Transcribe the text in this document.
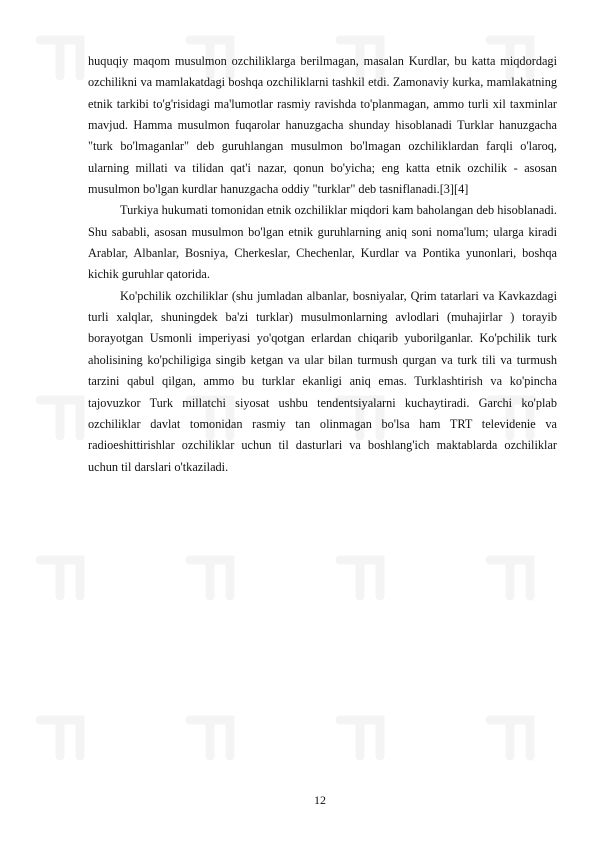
huquqiy maqom musulmon ozchiliklarga berilmagan, masalan Kurdlar, bu katta miqdordagi ozchilikni va mamlakatdagi boshqa ozchiliklarni tashkil etdi. Zamonaviy kurka, mamlakatning etnik tarkibi to'g'risidagi ma'lumotlar rasmiy ravishda to'planmagan, ammo turli xil taxminlar mavjud. Hamma musulmon fuqarolar hanuzgacha shunday hisoblanadi Turklar hanuzgacha "turk bo'lmaganlar" deb guruhlangan musulmon bo'lmagan ozchiliklardan farqli o'laroq, ularning millati va tilidan qat'i nazar, qonun bo'yicha; eng katta etnik ozchilik - asosan musulmon bo'lgan kurdlar hanuzgacha oddiy "turklar" deb tasniflanadi.[3][4]

Turkiya hukumati tomonidan etnik ozchiliklar miqdori kam baholangan deb hisoblanadi. Shu sababli, asosan musulmon bo'lgan etnik guruhlarning aniq soni noma'lum; ularga kiradi Arablar, Albanlar, Bosniya, Cherkeslar, Chechenlar, Kurdlar va Pontika yunonlari, boshqa kichik guruhlar qatorida.

Ko'pchilik ozchiliklar (shu jumladan albanlar, bosniyalar, Qrim tatarlari va Kavkazdagi turli xalqlar, shuningdek ba'zi turklar) musulmonlarning avlodlari (muhajirlar ) torayib borayotgan Usmonli imperiyasi yo'qotgan erlardan chiqarib yuborilganlar. Ko'pchilik turk aholisining ko'pchiligiga singib ketgan va ular bilan turmush qurgan va turk tili va turmush tarzini qabul qilgan, ammo bu turklar ekanligi aniq emas. Turklashtirish va ko'pincha tajovuzkor Turk millatchi siyosat ushbu tendentsiyalarni kuchaytiradi. Garchi ko'plab ozchiliklar davlat tomonidan rasmiy tan olinmagan bo'lsa ham TRT televidenie va radioeshittirishlar ozchiliklar uchun til dasturlari va boshlang'ich maktablarda ozchiliklar uchun til darslari o'tkaziladi.

12
